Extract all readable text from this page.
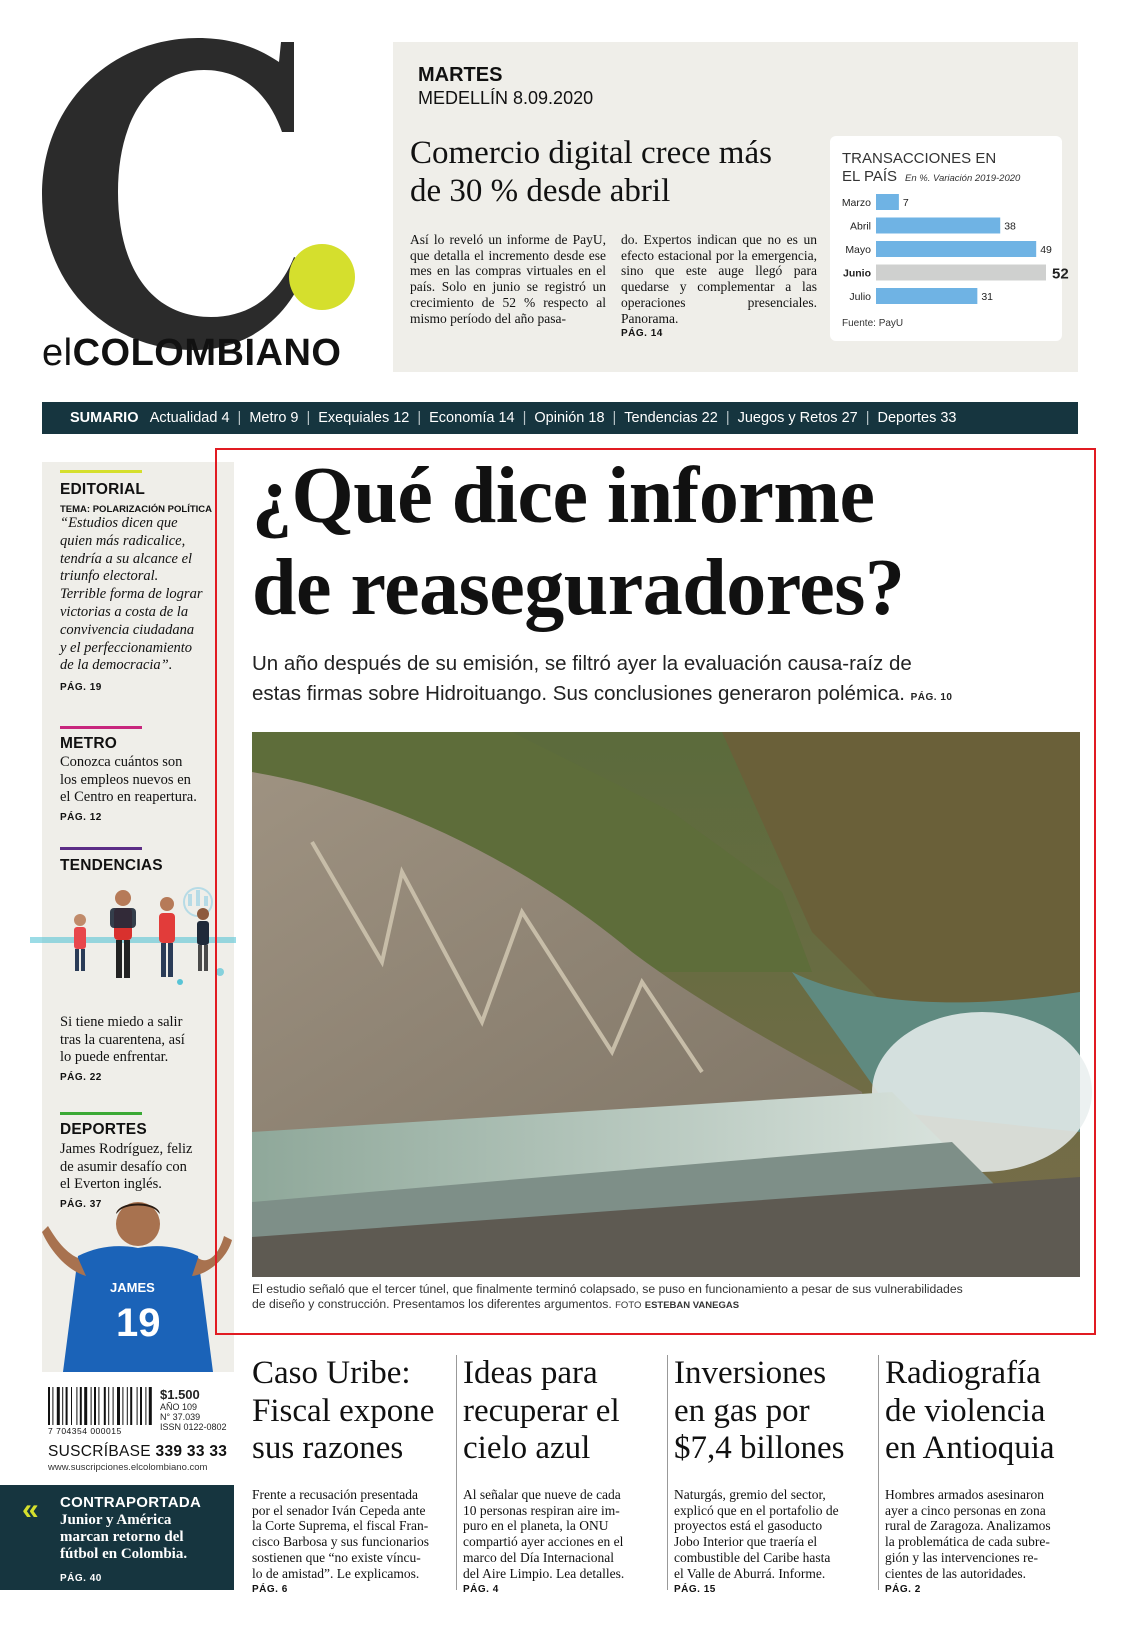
elCOLOMBIANO
MARTES
MEDELLÍN 8.09.2020
Comercio digital crece más de 30 % desde abril
Así lo reveló un informe de PayU, que detalla el incremento desde ese mes en las compras virtuales en el país. Solo en junio se registró un crecimiento de 52 % respecto al mismo período del año pasa-
do. Expertos indican que no es un efecto estacional por la emergencia, sino que este auge llegó para quedarse y complementar a las operaciones presenciales. Panorama.
PÁG. 14
TRANSACCIONES EN
EL PAÍS En %. Variación 2019-2020
Marzo	7
Abril	38
Mayo	49
Junio	52
Julio	31
Fuente: PayU
SUMARIO Actualidad 4 | Metro 9 | Exequiales 12 | Economía 14 | Opinión 18 | Tendencias 22 | Juegos y Retos 27 | Deportes 33
EDITORIAL
TEMA: POLARIZACIÓN POLÍTICA
“Estudios dicen que
quien más radicalice,
tendría a su alcance el
triunfo electoral.
Terrible forma de lograr
victorias a costa de la
convivencia ciudadana
y el perfeccionamiento
de la democracia”.
PÁG. 19
METRO
Conozca cuántos son
los empleos nuevos en
el Centro en reapertura.
PÁG. 12
TENDENCIAS
Si tiene miedo a salir
tras la cuarentena, así
lo puede enfrentar.
PÁG. 22
DEPORTES
James Rodríguez, feliz
de asumir desafío con
el Everton inglés.
PÁG. 37
JAMES
19
7 704354 000015
$1.500
AÑO 109
N° 37.039
ISSN 0122-0802
SUSCRÍBASE 339 33 33
www.suscripciones.elcolombiano.com
« CONTRAPORTADA
Junior y América
marcan retorno del
fútbol en Colombia.
PÁG. 40
¿Qué dice informe
de reaseguradores?
Un año después de su emisión, se filtró ayer la evaluación causa-raíz de
estas firmas sobre Hidroituango. Sus conclusiones generaron polémica. PÁG. 10
El estudio señaló que el tercer túnel, que finalmente terminó colapsado, se puso en funcionamiento a pesar de sus vulnerabilidades
de diseño y construcción. Presentamos los diferentes argumentos. FOTO ESTEBAN VANEGAS
Caso Uribe:
Fiscal expone
sus razones
Frente a recusación presentada
por el senador Iván Cepeda ante
la Corte Suprema, el fiscal Fran-
cisco Barbosa y sus funcionarios
sostienen que “no existe víncu-
lo de amistad”. Le explicamos.
PÁG. 6
Ideas para
recuperar el
cielo azul
Al señalar que nueve de cada
10 personas respiran aire im-
puro en el planeta, la ONU
compartió ayer acciones en el
marco del Día Internacional
del Aire Limpio. Lea detalles.
PÁG. 4
Inversiones
en gas por
$7,4 billones
Naturgás, gremio del sector,
explicó que en el portafolio de
proyectos está el gasoducto
Jobo Interior que traería el
combustible del Caribe hasta
el Valle de Aburrá. Informe.
PÁG. 15
Radiografía
de violencia
en Antioquia
Hombres armados asesinaron
ayer a cinco personas en zona
rural de Zaragoza. Analizamos
la problemática de cada subre-
gión y las intervenciones re-
cientes de las autoridades.
PÁG. 2
